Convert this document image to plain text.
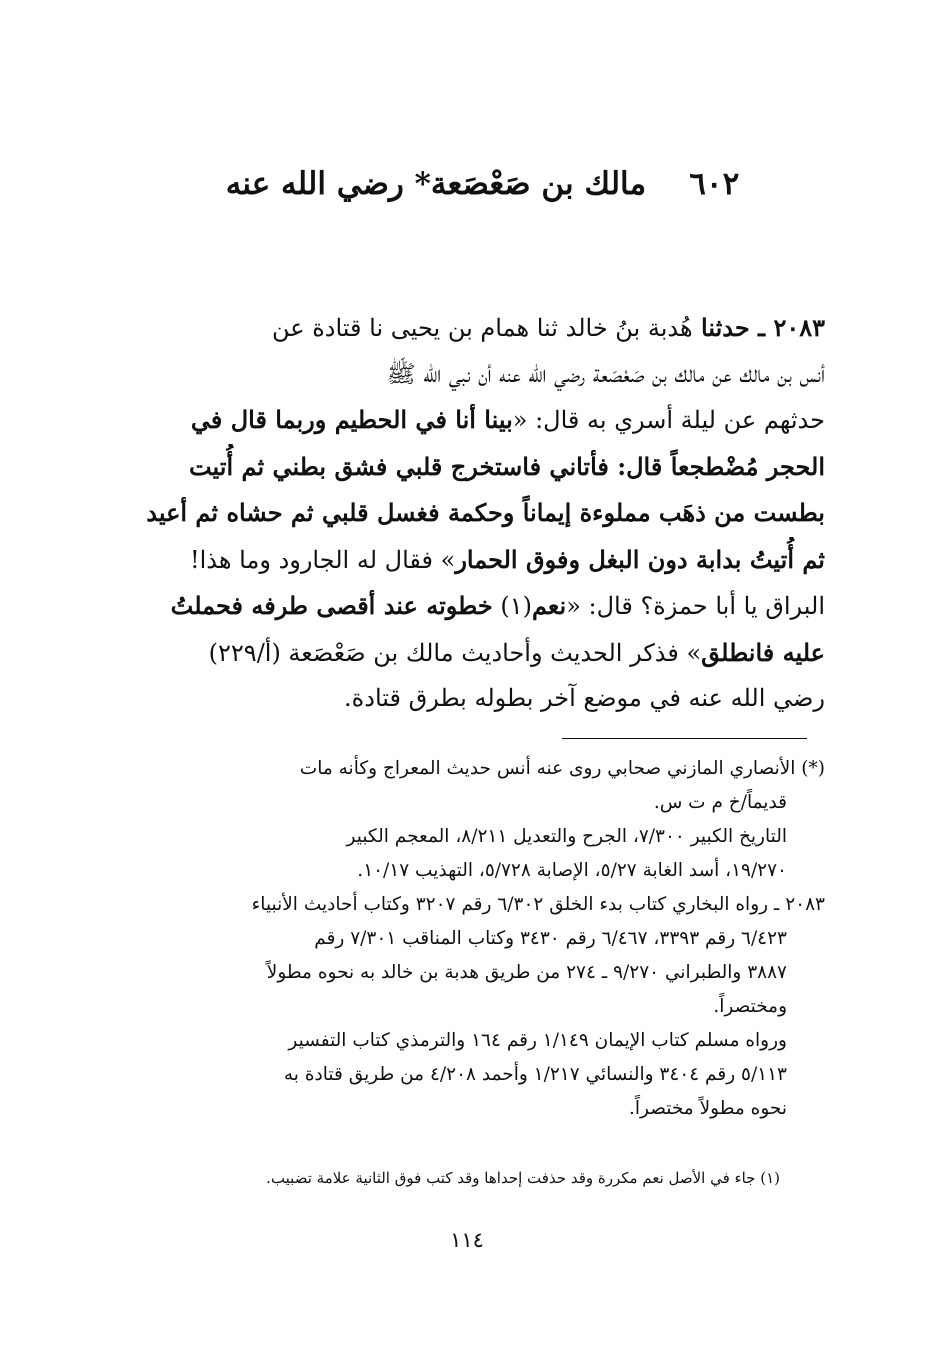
٦٠٢    مالك بن صَعْصَعة* رضي الله عنه
٢٠٨٣ ـ حدثنا هُدبة بنُ خالد ثنا همام بن يحيى نا قتادة عن
أنس بن مالك عن مالك بن صَعْصَعة رضي الله عنه أن نبي الله ﷺ
حدثهم عن ليلة أسري به قال: «بينا أنا في الحطيم وربما قال في
الحجر مُضْطجعاً قال: فأتاني فاستخرج قلبي فشق بطني ثم أُتيت
بطست من ذهَب مملوءة إيماناً وحكمة فغسل قلبي ثم حشاه ثم أعيد
ثم أُتيتُ بدابة دون البغل وفوق الحمار» فقال له الجارود وما هذا!
البراق يا أبا حمزة؟ قال: «نعم(١) خطوته عند أقصى طرفه فحملتُ
عليه فانطلق» فذكر الحديث وأحاديث مالك بن صَعْصَعة (أ/٢٢٩)
رضي الله عنه في موضع آخر بطوله بطرق قتادة.
(*) الأنصاري المازني صحابي روى عنه أنس حديث المعراج وكأنه مات
قديماً/خ م ت س.
التاريخ الكبير ٧/٣٠٠، الجرح والتعديل ٨/٢١١، المعجم الكبير
١٩/٢٧٠، أسد الغابة ٥/٢٧، الإصابة ٥/٧٢٨، التهذيب ١٠/١٧.
٢٠٨٣ ـ رواه البخاري كتاب بدء الخلق ٦/٣٠٢ رقم ٣٢٠٧ وكتاب أحاديث الأنبياء
٦/٤٢٣ رقم ٣٣٩٣، ٦/٤٦٧ رقم ٣٤٣٠ وكتاب المناقب ٧/٣٠١ رقم
٣٨٨٧ والطبراني ٩/٢٧٠ ـ ٢٧٤ من طريق هدبة بن خالد به نحوه مطولاً
ومختصراً.
ورواه مسلم كتاب الإيمان ١/١٤٩ رقم ١٦٤ والترمذي كتاب التفسير
٥/١١٣ رقم ٣٤٠٤ والنسائي ١/٢١٧ وأحمد ٤/٢٠٨ من طريق قتادة به
نحوه مطولاً مختصراً.
(١) جاء في الأصل نعم مكررة وقد حذفت إحداها وقد كتب فوق الثانية علامة تضبيب.
١١٤
